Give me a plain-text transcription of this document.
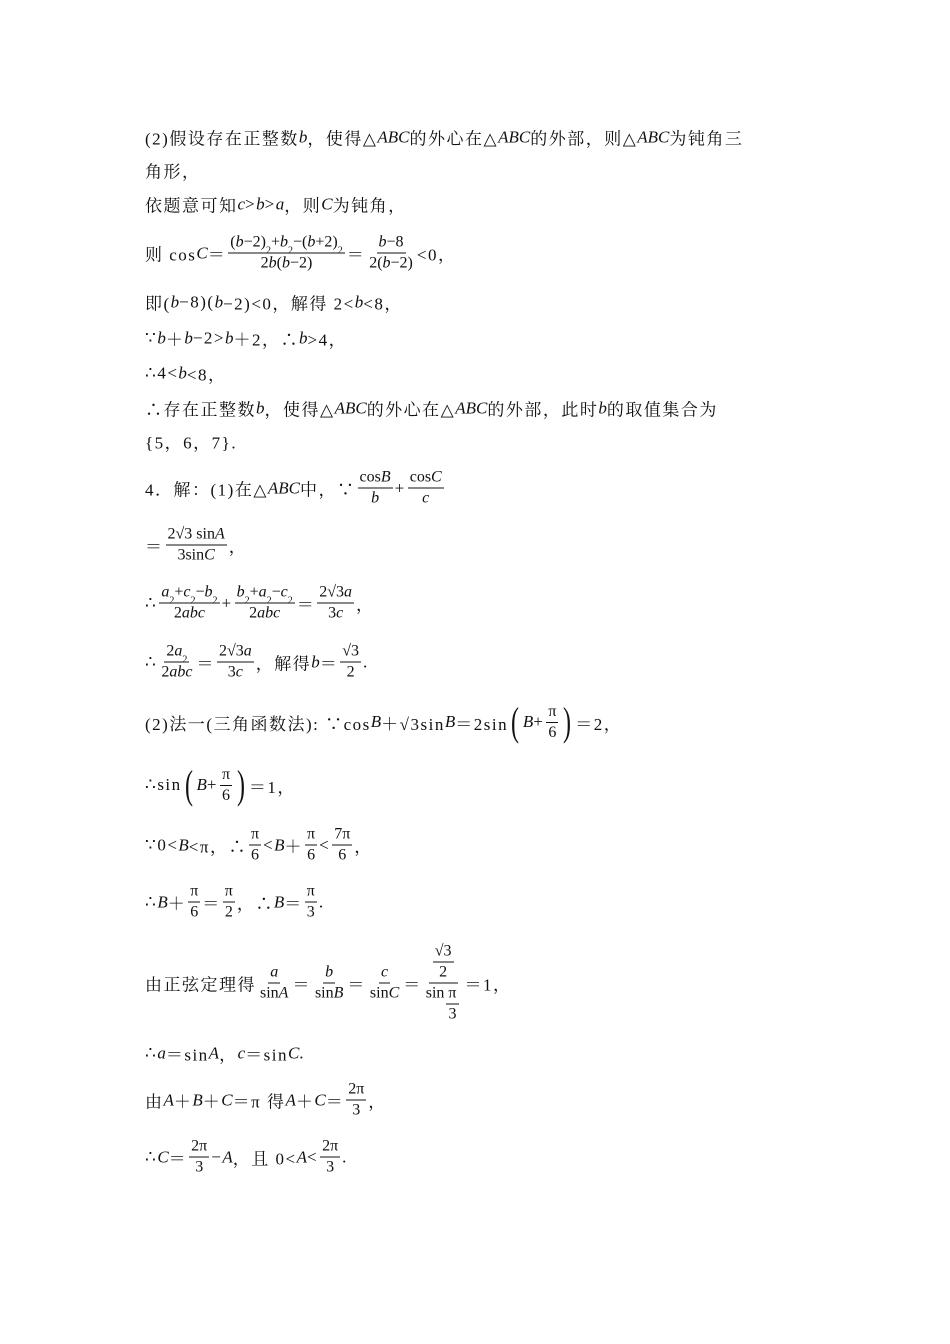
(2)假设存在正整数 b ，使得△ ABC 的外心在△ ABC 的外部，则△ ABC 为钝角三
角形，
依题意可知 c > b > a ，则 C 为钝角，
则 cos C ＝ ( b −2)
2
+ b
2
−( b +2)
2
2 b ( $b -2) = \frac{b -8}{2( b -2)} <0$，
即( b −8)( b −2)<0，解得 2< b <8，
∵ b ＋ b −2> b ＋2，∴ b >4，
∴4< b <8，
∴存在正整数 b ，使得△ ABC 的外心在△ ABC 的外部，此时 b 的取值集合为
{5，6，7}.
4．解：(1)在△ ABC 中，∵ $\frac{\text{cos B}}{b} + \frac{\text{cos C}}{c}$
＝ $\frac{\text{2√3 sin A}}{\text{3sin C}}$ ，
∴
a
2
+ c
2
− b
2
2 abc
+
b
2
+ a
2
− c
2
2 abc ＝ $\frac{2√3 a}{3 c}$ ，
∴
2 a
2
2 abc ＝ $\frac{2√3 a}{3 c}$ ，解得 $b = \frac{√3}{2}$ .
(2)法一(三角函数法): ∵cos B ＋√3sin B ＝2sin ( $B + \frac{\pi}{6}$ ) ＝2，
∴sin ( $B + \frac{\pi}{6}$ ) ＝1，
∵0< B <π，∴ $\frac{\pi}{6} < B + \frac{\pi}{6} < \frac{7\pi}{6}$ ，
∴ $B + \frac{\pi}{6} = \frac{\pi}{2}$ ，∴ $B = \frac{\pi}{3}$ .
由正弦定理得 $\frac{a}{\text{sin A}} = \frac{b}{\text{sin B}} = \frac{c}{\text{sin C}} = \frac{\frac{√3}{2}}{\sin \frac{\pi}{3}} =1$，
∴ a ＝sin A ， c ＝sin C .
由 A ＋ B ＋ C ＝π 得 $A + C = \frac{2\pi}{3}$ ，
∴ $C = \frac{2\pi}{3} - A$ ，且 $0< A < \frac{2\pi}{3}$ .
